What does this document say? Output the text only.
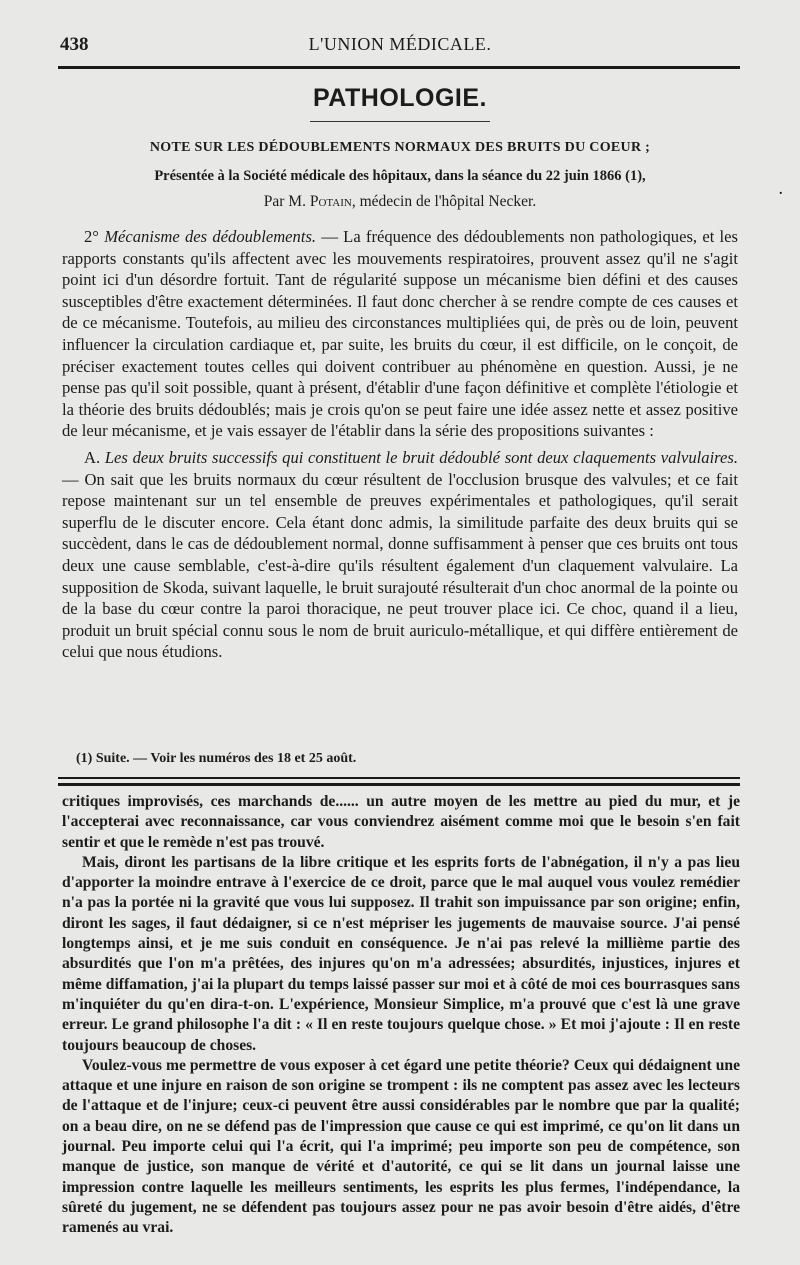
438	L'UNION MÉDICALE.
PATHOLOGIE.
NOTE SUR LES DÉDOUBLEMENTS NORMAUX DES BRUITS DU COEUR ;
Présentée à la Société médicale des hôpitaux, dans la séance du 22 juin 1866 (1),
Par M. Potain, médecin de l'hôpital Necker.
.

2° Mécanisme des dédoublements. — La fréquence des dédoublements non pathologiques, et les rapports constants qu'ils affectent avec les mouvements respiratoires, prouvent assez qu'il ne s'agit point ici d'un désordre fortuit. Tant de régularité suppose un mécanisme bien défini et des causes susceptibles d'être exactement déterminées. Il faut donc chercher à se rendre compte de ces causes et de ce mécanisme. Toutefois, au milieu des circonstances multipliées qui, de près ou de loin, peuvent influencer la circulation cardiaque et, par suite, les bruits du cœur, il est difficile, on le conçoit, de préciser exactement toutes celles qui doivent contribuer au phénomène en question. Aussi, je ne pense pas qu'il soit possible, quant à présent, d'établir d'une façon définitive et complète l'étiologie et la théorie des bruits dédoublés; mais je crois qu'on se peut faire une idée assez nette et assez positive de leur mécanisme, et je vais essayer de l'établir dans la série des propositions suivantes :

A. Les deux bruits successifs qui constituent le bruit dédoublé sont deux claquements valvulaires. — On sait que les bruits normaux du cœur résultent de l'occlusion brusque des valvules; et ce fait repose maintenant sur un tel ensemble de preuves expérimentales et pathologiques, qu'il serait superflu de le discuter encore. Cela étant donc admis, la similitude parfaite des deux bruits qui se succèdent, dans le cas de dédoublement normal, donne suffisamment à penser que ces bruits ont tous deux une cause semblable, c'est-à-dire qu'ils résultent également d'un claquement valvulaire. La supposition de Skoda, suivant laquelle, le bruit surajouté résulterait d'un choc anormal de la pointe ou de la base du cœur contre la paroi thoracique, ne peut trouver place ici. Ce choc, quand il a lieu, produit un bruit spécial connu sous le nom de bruit auriculo-métallique, et qui diffère entièrement de celui que nous étudions.

(1) Suite. — Voir les numéros des 18 et 25 août.

critiques improvisés, ces marchands de...... un autre moyen de les mettre au pied du mur, et je l'accepterai avec reconnaissance, car vous conviendrez aisément comme moi que le besoin s'en fait sentir et que le remède n'est pas trouvé.

Mais, diront les partisans de la libre critique et les esprits forts de l'abnégation, il n'y a pas lieu d'apporter la moindre entrave à l'exercice de ce droit, parce que le mal auquel vous voulez remédier n'a pas la portée ni la gravité que vous lui supposez. Il trahit son impuissance par son origine; enfin, diront les sages, il faut dédaigner, si ce n'est mépriser les jugements de mauvaise source. J'ai pensé longtemps ainsi, et je me suis conduit en conséquence. Je n'ai pas relevé la millième partie des absurdités que l'on m'a prêtées, des injures qu'on m'a adressées; absurdités, injustices, injures et même diffamation, j'ai la plupart du temps laissé passer sur moi et à côté de moi ces bourrasques sans m'inquiéter du qu'en dira-t-on. L'expérience, Monsieur Simplice, m'a prouvé que c'est là une grave erreur. Le grand philosophe l'a dit : « Il en reste toujours quelque chose. » Et moi j'ajoute : Il en reste toujours beaucoup de choses.

Voulez-vous me permettre de vous exposer à cet égard une petite théorie? Ceux qui dédaignent une attaque et une injure en raison de son origine se trompent : ils ne comptent pas assez avec les lecteurs de l'attaque et de l'injure; ceux-ci peuvent être aussi considérables par le nombre que par la qualité; on a beau dire, on ne se défend pas de l'impression que cause ce qui est imprimé, ce qu'on lit dans un journal. Peu importe celui qui l'a écrit, qui l'a imprimé; peu importe son peu de compétence, son manque de justice, son manque de vérité et d'autorité, ce qui se lit dans un journal laisse une impression contre laquelle les meilleurs sentiments, les esprits les plus fermes, l'indépendance, la sûreté du jugement, ne se défendent pas toujours assez pour ne pas avoir besoin d'être aidés, d'être ramenés au vrai.
